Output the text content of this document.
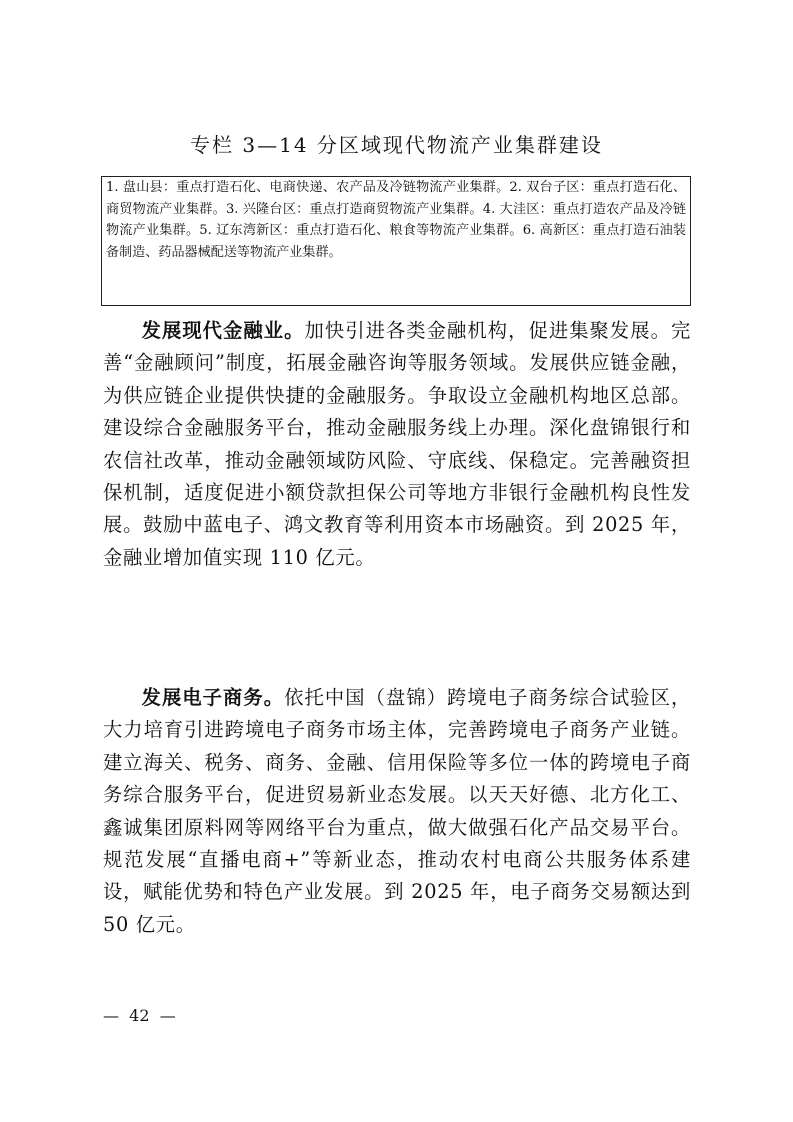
专栏 3—14 分区域现代物流产业集群建设
1. 盘山县：重点打造石化、电商快递、农产品及冷链物流产业集群。2. 双台子区：重点打造石化、商贸物流产业集群。3. 兴隆台区：重点打造商贸物流产业集群。4. 大洼区：重点打造农产品及冷链物流产业集群。5. 辽东湾新区：重点打造石化、粮食等物流产业集群。6. 高新区：重点打造石油装备制造、药品器械配送等物流产业集群。

发展现代金融业。加快引进各类金融机构，促进集聚发展。完善“金融顾问”制度，拓展金融咨询等服务领域。发展供应链金融，为供应链企业提供快捷的金融服务。争取设立金融机构地区总部。建设综合金融服务平台，推动金融服务线上办理。深化盘锦银行和农信社改革，推动金融领域防风险、守底线、保稳定。完善融资担保机制，适度促进小额贷款担保公司等地方非银行金融机构良性发展。鼓励中蓝电子、鸿文教育等利用资本市场融资。到 2025 年，金融业增加值实现 110 亿元。

发展电子商务。依托中国（盘锦）跨境电子商务综合试验区，大力培育引进跨境电子商务市场主体，完善跨境电子商务产业链。建立海关、税务、商务、金融、信用保险等多位一体的跨境电子商务综合服务平台，促进贸易新业态发展。以天天好德、北方化工、鑫诚集团原料网等网络平台为重点，做大做强石化产品交易平台。规范发展“直播电商+”等新业态，推动农村电商公共服务体系建设，赋能优势和特色产业发展。到 2025 年，电子商务交易额达到 50 亿元。

—  42  —
